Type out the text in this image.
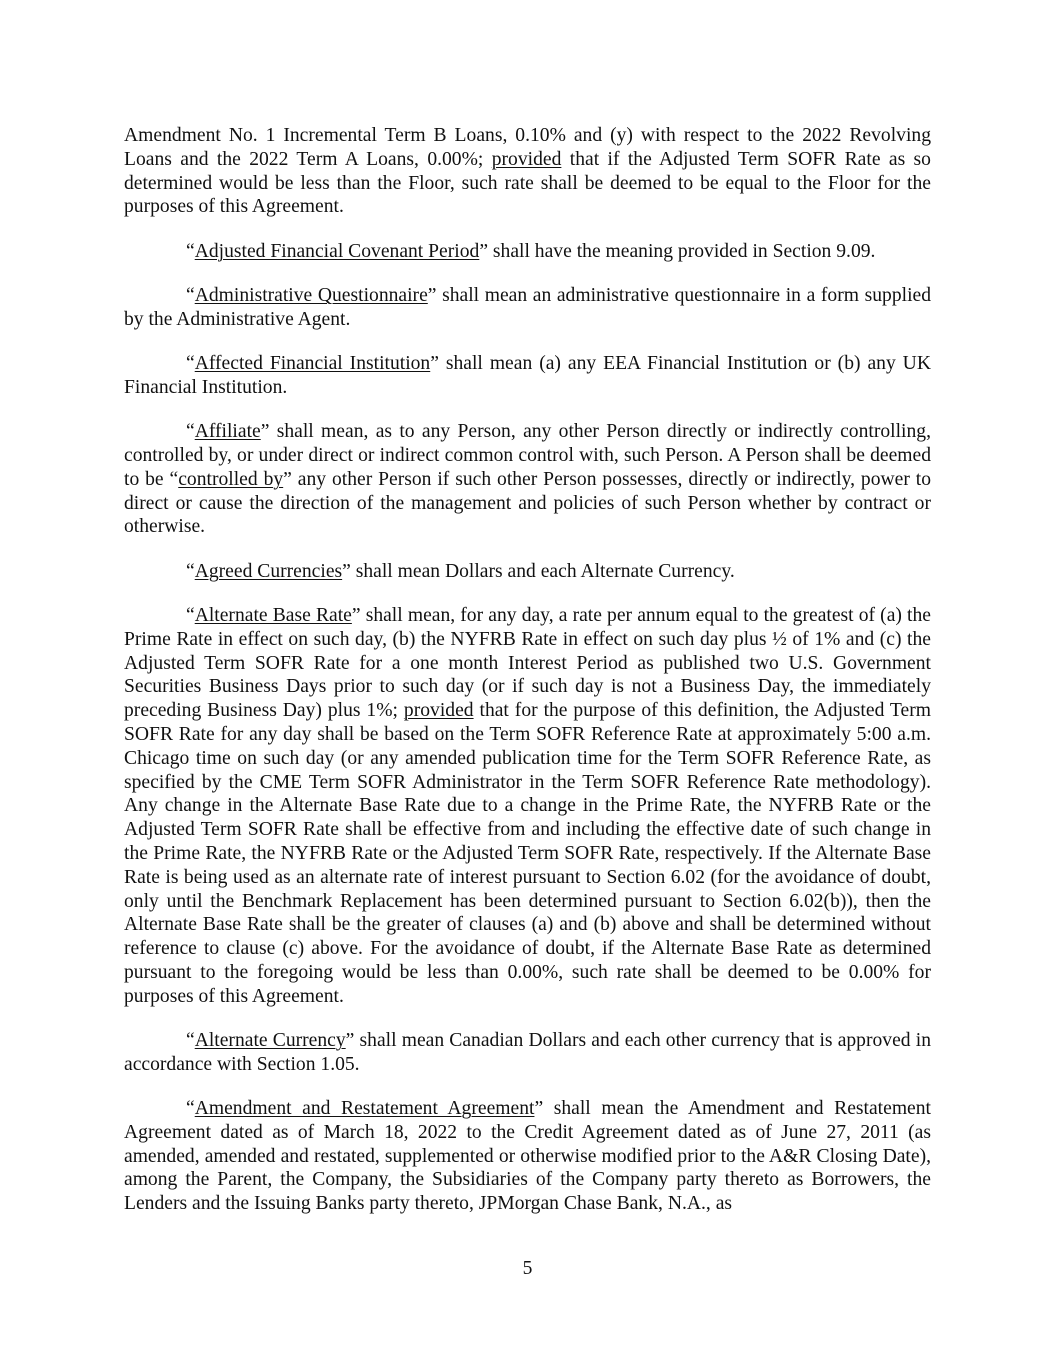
Amendment No. 1 Incremental Term B Loans, 0.10% and (y) with respect to the 2022 Revolving Loans and the 2022 Term A Loans, 0.00%; provided that if the Adjusted Term SOFR Rate as so determined would be less than the Floor, such rate shall be deemed to be equal to the Floor for the purposes of this Agreement.

“Adjusted Financial Covenant Period” shall have the meaning provided in Section 9.09.

“Administrative Questionnaire” shall mean an administrative questionnaire in a form supplied by the Administrative Agent.

“Affected Financial Institution” shall mean (a) any EEA Financial Institution or (b) any UK Financial Institution.

“Affiliate” shall mean, as to any Person, any other Person directly or indirectly controlling, controlled by, or under direct or indirect common control with, such Person. A Person shall be deemed to be “controlled by” any other Person if such other Person possesses, directly or indirectly, power to direct or cause the direction of the management and policies of such Person whether by contract or otherwise.

“Agreed Currencies” shall mean Dollars and each Alternate Currency.

“Alternate Base Rate” shall mean, for any day, a rate per annum equal to the greatest of (a) the Prime Rate in effect on such day, (b) the NYFRB Rate in effect on such day plus ½ of 1% and (c) the Adjusted Term SOFR Rate for a one month Interest Period as published two U.S. Government Securities Business Days prior to such day (or if such day is not a Business Day, the immediately preceding Business Day) plus 1%; provided that for the purpose of this definition, the Adjusted Term SOFR Rate for any day shall be based on the Term SOFR Reference Rate at approximately 5:00 a.m. Chicago time on such day (or any amended publication time for the Term SOFR Reference Rate, as specified by the CME Term SOFR Administrator in the Term SOFR Reference Rate methodology). Any change in the Alternate Base Rate due to a change in the Prime Rate, the NYFRB Rate or the Adjusted Term SOFR Rate shall be effective from and including the effective date of such change in the Prime Rate, the NYFRB Rate or the Adjusted Term SOFR Rate, respectively. If the Alternate Base Rate is being used as an alternate rate of interest pursuant to Section 6.02 (for the avoidance of doubt, only until the Benchmark Replacement has been determined pursuant to Section 6.02(b)), then the Alternate Base Rate shall be the greater of clauses (a) and (b) above and shall be determined without reference to clause (c) above. For the avoidance of doubt, if the Alternate Base Rate as determined pursuant to the foregoing would be less than 0.00%, such rate shall be deemed to be 0.00% for purposes of this Agreement.

“Alternate Currency” shall mean Canadian Dollars and each other currency that is approved in accordance with Section 1.05.

“Amendment and Restatement Agreement” shall mean the Amendment and Restatement Agreement dated as of March 18, 2022 to the Credit Agreement dated as of June 27, 2011 (as amended, amended and restated, supplemented or otherwise modified prior to the A&R Closing Date), among the Parent, the Company, the Subsidiaries of the Company party thereto as Borrowers, the Lenders and the Issuing Banks party thereto, JPMorgan Chase Bank, N.A., as

5
